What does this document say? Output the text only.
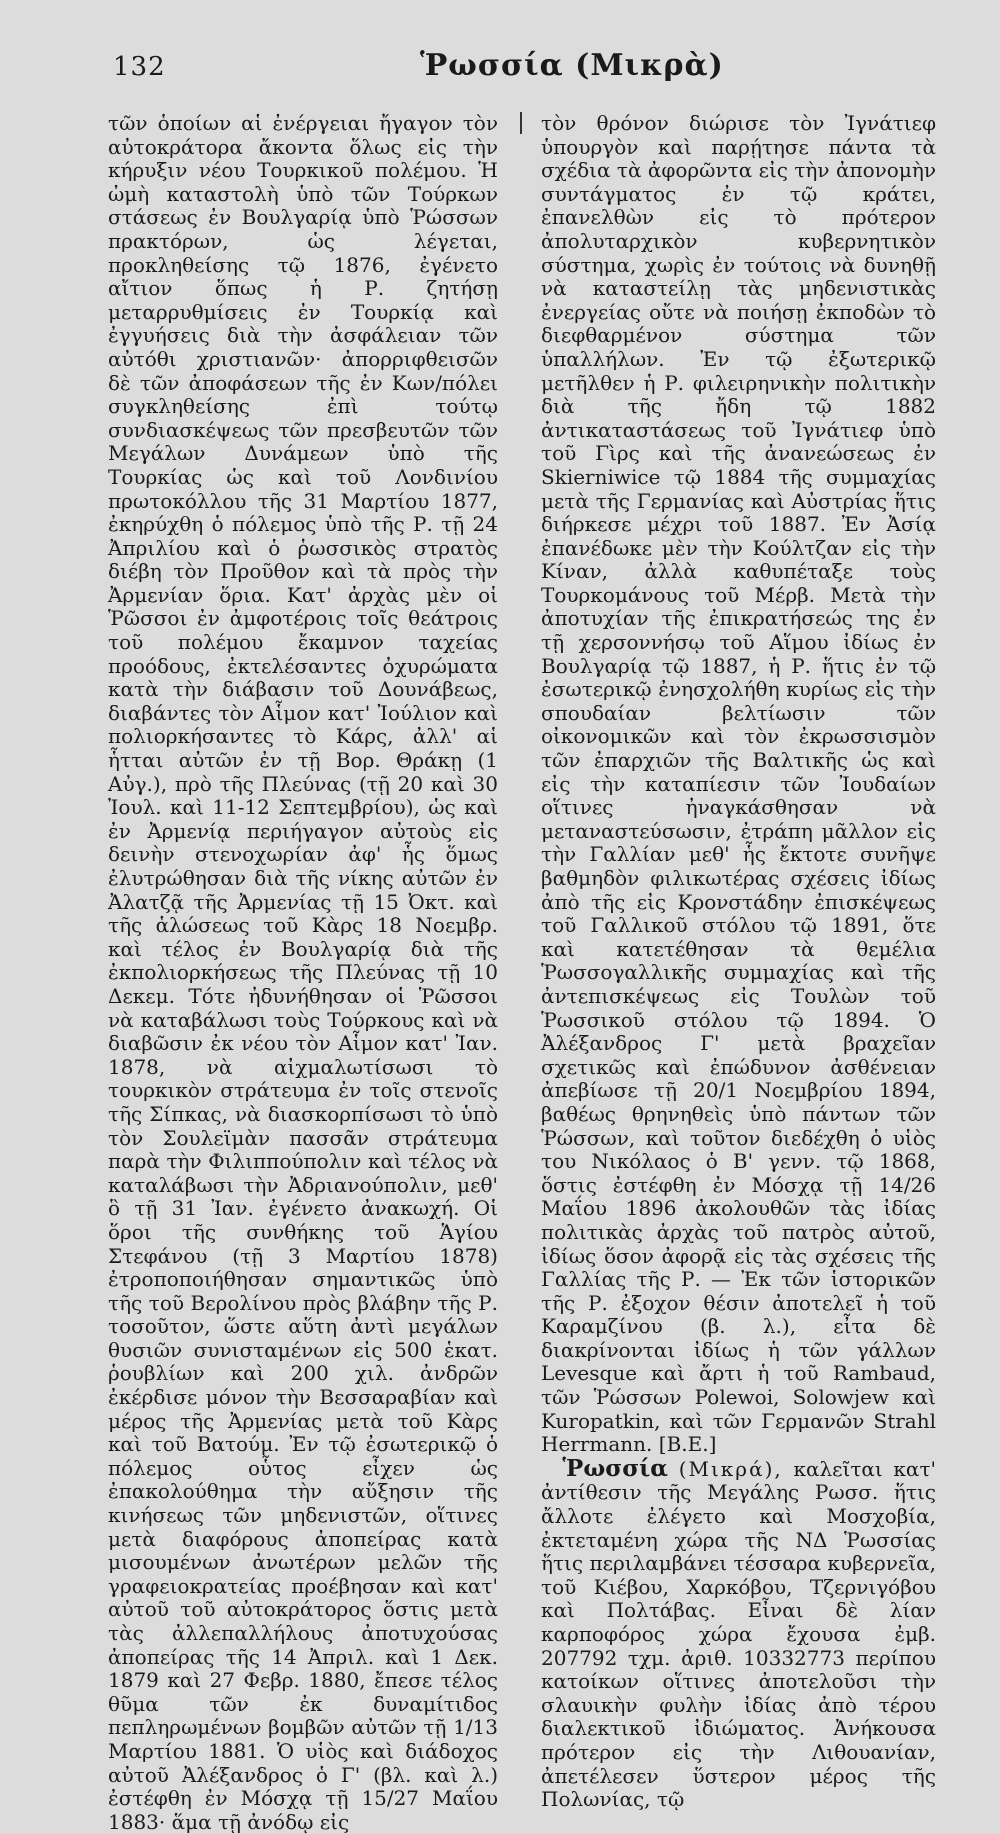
132	Ῥωσσία (Μικρὰ)

τῶν ὁποίων αἱ ἐνέργειαι ἤγαγον τὸν αὐτοκράτορα ἄκοντα ὅλως εἰς τὴν κήρυξιν νέου Τουρκικοῦ πολέμου. Ἡ ὠμὴ καταστολὴ ὑπὸ τῶν Τούρκων στάσεως ἐν Βουλγαρίᾳ ὑπὸ Ῥώσσων πρακτόρων, ὡς λέγεται, προκληθείσης τῷ 1876, ἐγένετο αἴτιον ὅπως ἡ Ρ. ζητήσῃ μεταρρυθμίσεις ἐν Τουρκίᾳ καὶ ἐγγυήσεις διὰ τὴν ἀσφάλειαν τῶν αὐτόθι χριστιανῶν· ἀπορριφθεισῶν δὲ τῶν ἀποφάσεων τῆς ἐν Κων/πόλει συγκληθείσης ἐπὶ τούτῳ συνδιασκέψεως τῶν πρεσβευτῶν τῶν Μεγάλων Δυνάμεων ὑπὸ τῆς Τουρκίας ὡς καὶ τοῦ Λονδινίου πρωτοκόλλου τῆς 31 Μαρτίου 1877, ἐκηρύχθη ὁ πόλεμος ὑπὸ τῆς Ρ. τῇ 24 Ἀπριλίου καὶ ὁ ῥωσσικὸς στρατὸς διέβη τὸν Προῦθον καὶ τὰ πρὸς τὴν Ἀρμενίαν ὅρια. Κατ' ἀρχὰς μὲν οἱ Ῥῶσσοι ἐν ἀμφοτέροις τοῖς θεάτροις τοῦ πολέμου ἔκαμνον ταχείας προόδους, ἐκτελέσαντες ὀχυρώματα κατὰ τὴν διάβασιν τοῦ Δουνάβεως, διαβάντες τὸν Αἷμον κατ' Ἰούλιον καὶ πολιορκήσαντες τὸ Κάρς, ἀλλ' αἱ ἧτται αὐτῶν ἐν τῇ Βορ. Θράκῃ (1 Αὐγ.), πρὸ τῆς Πλεύνας (τῇ 20 καὶ 30 Ἰουλ. καὶ 11-12 Σεπτεμβρίου), ὡς καὶ ἐν Ἀρμενίᾳ περιήγαγον αὐτοὺς εἰς δεινὴν στενοχωρίαν ἀφ' ἧς ὅμως ἐλυτρώθησαν διὰ τῆς νίκης αὐτῶν ἐν Ἀλατζᾷ τῆς Ἀρμενίας τῇ 15 Ὀκτ. καὶ τῆς ἁλώσεως τοῦ Κὰρς 18 Νοεμβρ. καὶ τέλος ἐν Βουλγαρίᾳ διὰ τῆς ἐκπολιορκήσεως τῆς Πλεύνας τῇ 10 Δεκεμ. Τότε ἠδυνήθησαν οἱ Ῥῶσσοι νὰ καταβάλωσι τοὺς Τούρκους καὶ νὰ διαβῶσιν ἐκ νέου τὸν Αἷμον κατ' Ἰαν. 1878, νὰ αἰχμαλωτίσωσι τὸ τουρκικὸν στράτευμα ἐν τοῖς στενοῖς τῆς Σίπκας, νὰ διασκορπίσωσι τὸ ὑπὸ τὸν Σουλεϊμὰν πασσᾶν στράτευμα παρὰ τὴν Φιλιππούπολιν καὶ τέλος νὰ καταλάβωσι τὴν Ἀδριανούπολιν, μεθ' ὃ τῇ 31 Ἰαν. ἐγένετο ἀνακωχή. Οἱ ὅροι τῆς συνθήκης τοῦ Ἁγίου Στεφάνου (τῇ 3 Μαρτίου 1878) ἐτροποποιήθησαν σημαντικῶς ὑπὸ τῆς τοῦ Βερολίνου πρὸς βλάβην τῆς Ρ. τοσοῦτον, ὥστε αὕτη ἀντὶ μεγάλων θυσιῶν συνισταμένων εἰς 500 ἑκατ. ῥουβλίων καὶ 200 χιλ. ἀνδρῶν ἐκέρδισε μόνον τὴν Βεσσαραβίαν καὶ μέρος τῆς Ἀρμενίας μετὰ τοῦ Κὰρς καὶ τοῦ Βατούμ. Ἐν τῷ ἐσωτερικῷ ὁ πόλεμος οὗτος εἶχεν ὡς ἐπακολούθημα τὴν αὔξησιν τῆς κινήσεως τῶν μηδενιστῶν, οἵτινες μετὰ διαφόρους ἀποπείρας κατὰ μισουμένων ἀνωτέρων μελῶν τῆς γραφειοκρατείας προέβησαν καὶ κατ' αὐτοῦ τοῦ αὐτοκράτορος ὅστις μετὰ τὰς ἀλλεπαλλήλους ἀποτυχούσας ἀποπείρας τῆς 14 Ἀπριλ. καὶ 1 Δεκ. 1879 καὶ 27 Φεβρ. 1880, ἔπεσε τέλος θῦμα τῶν ἐκ δυναμίτιδος πεπληρωμένων βομβῶν αὐτῶν τῇ 1/13 Μαρτίου 1881. Ὁ υἱὸς καὶ διάδοχος αὐτοῦ Ἀλέξανδρος ὁ Γ' (βλ. καὶ λ.) ἐστέφθη ἐν Μόσχᾳ τῇ 15/27 Μαΐου 1883· ἅμα τῇ ἀνόδῳ εἰς

τὸν θρόνον διώρισε τὸν Ἰγνάτιεφ ὑπουργὸν καὶ παρῄτησε πάντα τὰ σχέδια τὰ ἀφορῶντα εἰς τὴν ἀπονομὴν συντάγματος ἐν τῷ κράτει, ἐπανελθὼν εἰς τὸ πρότερον ἀπολυταρχικὸν κυβερνητικὸν σύστημα, χωρὶς ἐν τούτοις νὰ δυνηθῇ νὰ καταστείλῃ τὰς μηδενιστικὰς ἐνεργείας οὔτε νὰ ποιήσῃ ἐκποδὼν τὸ διεφθαρμένον σύστημα τῶν ὑπαλλήλων. Ἐν τῷ ἐξωτερικῷ μετῆλθεν ἡ Ρ. φιλειρηνικὴν πολιτικὴν διὰ τῆς ἤδη τῷ 1882 ἀντικαταστάσεως τοῦ Ἰγνάτιεφ ὑπὸ τοῦ Γὶρς καὶ τῆς ἀνανεώσεως ἐν Skierniwice τῷ 1884 τῆς συμμαχίας μετὰ τῆς Γερμανίας καὶ Αὐστρίας ἥτις διήρκεσε μέχρι τοῦ 1887. Ἐν Ἀσίᾳ ἐπανέδωκε μὲν τὴν Κούλτζαν εἰς τὴν Κίναν, ἀλλὰ καθυπέταξε τοὺς Τουρκομάνους τοῦ Μέρβ. Μετὰ τὴν ἀποτυχίαν τῆς ἐπικρατήσεώς της ἐν τῇ χερσοννήσῳ τοῦ Αἵμου ἰδίως ἐν Βουλγαρίᾳ τῷ 1887, ἡ Ρ. ἥτις ἐν τῷ ἐσωτερικῷ ἐνησχολήθη κυρίως εἰς τὴν σπουδαίαν βελτίωσιν τῶν οἰκονομικῶν καὶ τὸν ἐκρωσσισμὸν τῶν ἐπαρχιῶν τῆς Βαλτικῆς ὡς καὶ εἰς τὴν καταπίεσιν τῶν Ἰουδαίων οἵτινες ἠναγκάσθησαν νὰ μεταναστεύσωσιν, ἐτράπη μᾶλλον εἰς τὴν Γαλλίαν μεθ' ἧς ἔκτοτε συνῆψε βαθμηδὸν φιλικωτέρας σχέσεις ἰδίως ἀπὸ τῆς εἰς Κρονστάδην ἐπισκέψεως τοῦ Γαλλικοῦ στόλου τῷ 1891, ὅτε καὶ κατετέθησαν τὰ θεμέλια Ῥωσσογαλλικῆς συμμαχίας καὶ τῆς ἀντεπισκέψεως εἰς Τουλὼν τοῦ Ῥωσσικοῦ στόλου τῷ 1894. Ὁ Ἀλέξανδρος Γ' μετὰ βραχεῖαν σχετικῶς καὶ ἐπώδυνον ἀσθένειαν ἀπεβίωσε τῇ 20/1 Νοεμβρίου 1894, βαθέως θρηνηθεὶς ὑπὸ πάντων τῶν Ῥώσσων, καὶ τοῦτον διεδέχθη ὁ υἱὸς του Νικόλαος ὁ Β' γενν. τῷ 1868, ὅστις ἐστέφθη ἐν Μόσχᾳ τῇ 14/26 Μαΐου 1896 ἀκολουθῶν τὰς ἰδίας πολιτικὰς ἀρχὰς τοῦ πατρὸς αὐτοῦ, ἰδίως ὅσον ἀφορᾷ εἰς τὰς σχέσεις τῆς Γαλλίας τῆς Ρ. — Ἐκ τῶν ἱστορικῶν τῆς Ρ. ἐξοχον θέσιν ἀποτελεῖ ἡ τοῦ Καραμζίνου (β. λ.), εἶτα δὲ διακρίνονται ἰδίως ἡ τῶν γάλλων Levesque καὶ ἄρτι ἡ τοῦ Rambaud, τῶν Ῥώσσων Polewoi, Solowjew καὶ Kuropatkin, καὶ τῶν Γερμανῶν Strahl Herrmann. [Β.Ε.]

Ῥωσσία (Μικρά), καλεῖται κατ' ἀντίθεσιν τῆς Μεγάλης Ρωσσ. ἥτις ἄλλοτε ἐλέγετο καὶ Μοσχοβία, ἐκτεταμένη χώρα τῆς ΝΔ Ῥωσσίας ἥτις περιλαμβάνει τέσσαρα κυβερνεῖα, τοῦ Κιέβου, Χαρκόβου, Τζερνιγόβου καὶ Πολτάβας. Εἶναι δὲ λίαν καρποφόρος χώρα ἔχουσα ἐμβ. 207792 τχμ. ἀριθ. 10332773 περίπου κατοίκων οἵτινες ἀποτελοῦσι τὴν σλαυικὴν φυλὴν ἰδίας ἀπὸ τέρου διαλεκτικοῦ ἰδιώματος. Ἀνήκουσα πρότερον εἰς τὴν Λιθουανίαν, ἀπετέλεσεν ὕστερον μέρος τῆς Πολωνίας, τῷ
